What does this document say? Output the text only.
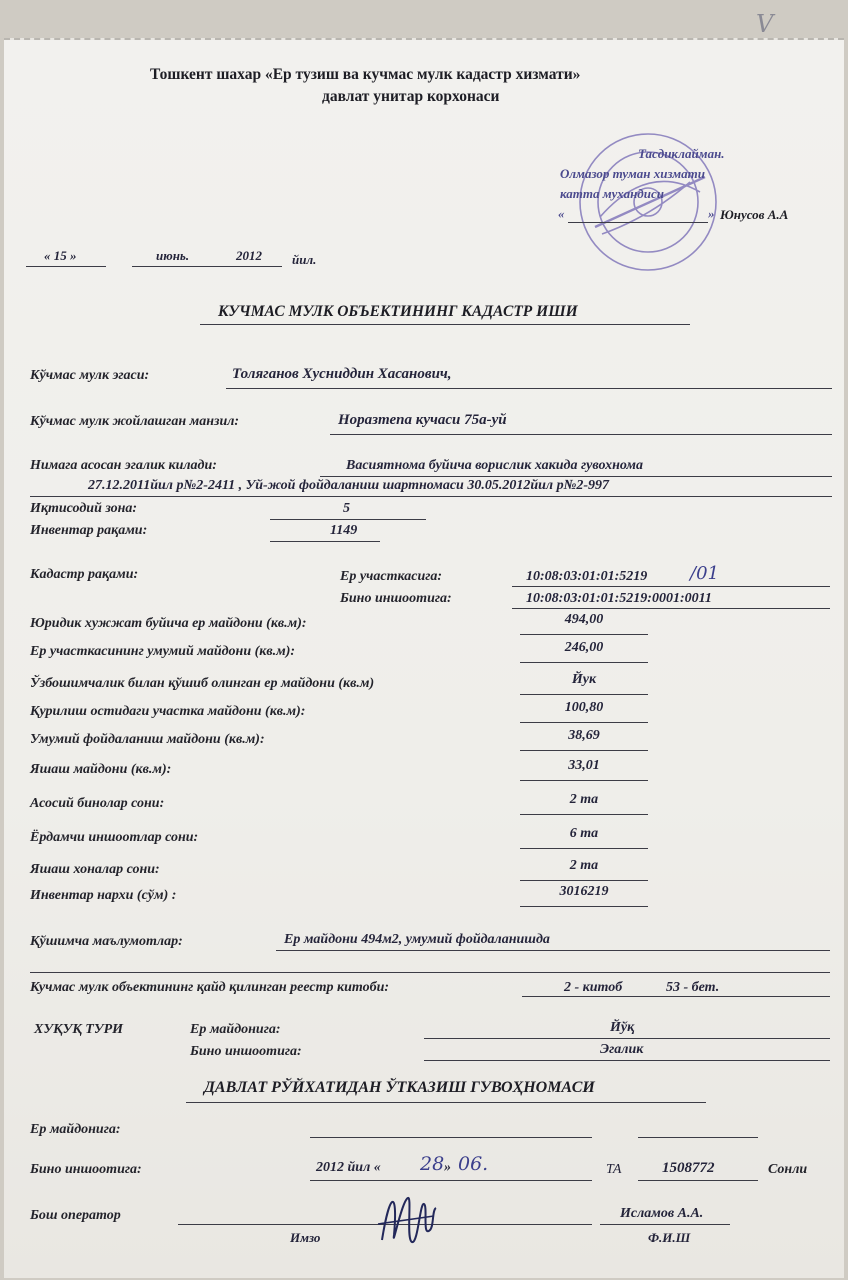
V
Тошкент шахар «Ер тузиш ва кучмас мулк кадастр хизмати»
давлат унитар корхонаси
Тасдиклайман.
Олмазор туман хизмати
катта мухандиси
«	» Юнусов А.А
« 15 »	июнь.	2012 йил.
КУЧМАС МУЛК ОБЪЕКТИНИНГ КАДАСТР ИШИ
Кўчмас мулк эгаси:	Толяганов Хусниддин Хасанович,
Кўчмас мулк жойлашган манзил:	Норазтепа кучаси 75а-уй
Нимага асосан эгалик килади:	Васиятнома буйича ворислик хакида гувохнома
27.12.2011йил р№2-2411 , Уй-жой фойдаланиш шартномаси 30.05.2012йил р№2-997
Иқтисодий зона:	5
Инвентар рақами:	1149
Кадастр рақами:	Ер участкасига:	10:08:03:01:01:5219 /01
Бино иншоотига:	10:08:03:01:01:5219:0001:0011
Юридик хужжат буйича ер майдони (кв.м):	494,00
Ер участкасининг умумий майдони (кв.м):	246,00
Ўзбошимчалик билан қўшиб олинган ер майдони (кв.м)	Йук
Қурилиш остидаги участка майдони (кв.м):	100,80
Умумий фойдаланиш майдони (кв.м):	38,69
Яшаш майдони (кв.м):	33,01
Асосий бинолар сони:	2 та
Ёрдамчи иншоотлар сони:	6 та
Яшаш хоналар сони:	2 та
Инвентар нархи (сўм) :	3016219
Қўшимча маълумотлар:	Ер майдони 494м2, умумий фойдаланишда
Кучмас мулк объектининг қайд қилинган реестр китоби:	2 - китоб	53 - бет.
ХУҚУҚ ТУРИ	Ер майдонига:	Йўқ
Бино иншоотига:	Эгалик
ДАВЛАТ РЎЙХАТИДАН ЎТКАЗИШ ГУВОҲНОМАСИ
Ер майдонига:
Бино иншоотига:	2012 йил « 28 » 06.	ТА	1508772	Сонли
Бош оператор
Имзо
Исламов А.А.
Ф.И.Ш
